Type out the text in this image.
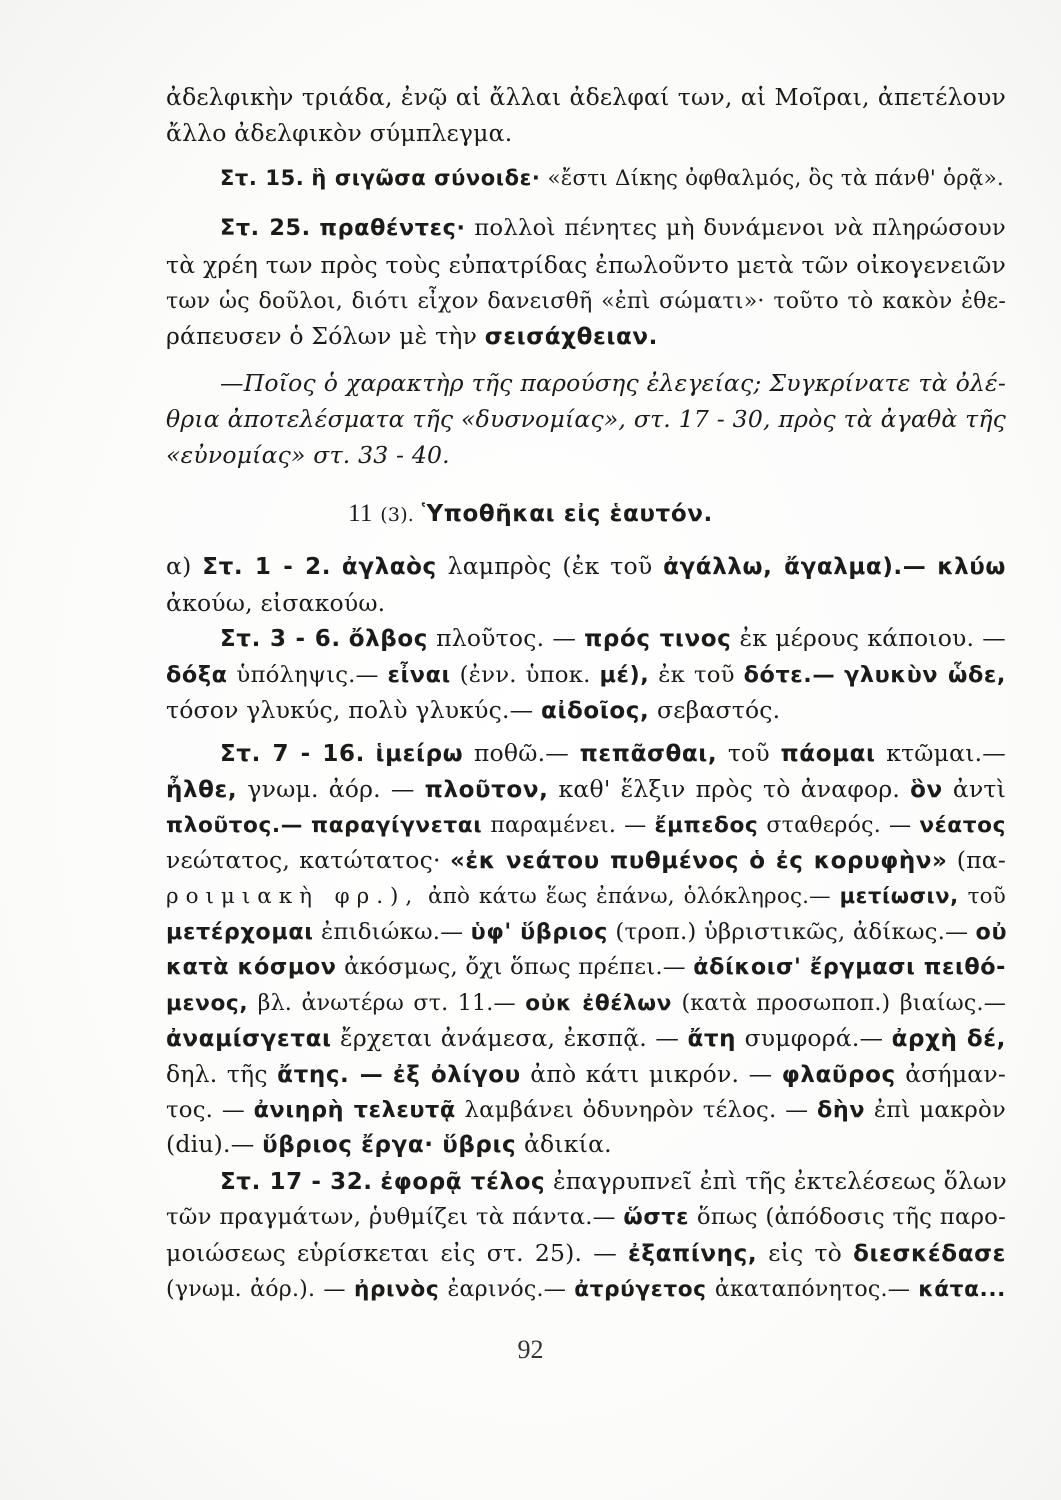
ἀδελφικὴν τριάδα, ἐνῷ αἱ ἄλλαι ἀδελφαί των, αἱ Μοῖραι, ἀπετέλουν
ἄλλο ἀδελφικὸν σύμπλεγμα.
Στ. 15. ἣ σιγῶσα σύνοιδε· «ἔστι Δίκης ὀφθαλμός, ὃς τὰ πάνθ' ὁρᾷ».
Στ. 25. πραθέντες· πολλοὶ πένητες μὴ δυνάμενοι νὰ πληρώσουν
τὰ χρέη των πρὸς τοὺς εὐπατρίδας ἐπωλοῦντο μετὰ τῶν οἰκογενειῶν
των ὡς δοῦλοι, διότι εἶχον δανεισθῆ «ἐπὶ σώματι»· τοῦτο τὸ κακὸν ἐθε-
ράπευσεν ὁ Σόλων μὲ τὴν σεισάχθειαν.
—Ποῖος ὁ χαρακτὴρ τῆς παρούσης ἐλεγείας; Συγκρίνατε τὰ ὀλέ-
θρια ἀποτελέσματα τῆς «δυσνομίας», στ. 17 - 30, πρὸς τὰ ἀγαθὰ τῆς
«εὐνομίας» στ. 33 - 40.
11 (3). Ὑποθῆκαι εἰς ἑαυτόν.
α) Στ. 1 - 2. ἀγλαὸς λαμπρὸς (ἐκ τοῦ ἀγάλλω, ἄγαλμα).— κλύω
ἀκούω, εἰσακούω.
Στ. 3 - 6. ὄλβος πλοῦτος. — πρός τινος ἐκ μέρους κάποιου. —
δόξα ὑπόληψις.— εἶναι (ἐνν. ὑποκ. μέ), ἐκ τοῦ δότε.— γλυκὺν ὧδε,
τόσον γλυκύς, πολὺ γλυκύς.— αἰδοῖος, σεβαστός.
Στ. 7 - 16. ἱμείρω ποθῶ.— πεπᾶσθαι, τοῦ πάομαι κτῶμαι.—
ἦλθε, γνωμ. ἀόρ. — πλοῦτον, καθ' ἕλξιν πρὸς τὸ ἀναφορ. ὃν ἀντὶ
πλοῦτος.— παραγίγνεται παραμένει. — ἔμπεδος σταθερός. — νέατος
νεώτατος, κατώτατος· «ἐκ νεάτου πυθμένος ὁ ἐς κορυφὴν» (πα-
ροιμιακὴ φρ.), ἀπὸ κάτω ἕως ἐπάνω, ὁλόκληρος.— μετίωσιν, τοῦ
μετέρχομαι ἐπιδιώκω.— ὑφ' ὕβριος (τροπ.) ὑβριστικῶς, ἀδίκως.— οὐ
κατὰ κόσμον ἀκόσμως, ὄχι ὅπως πρέπει.— ἀδίκοισ' ἔργμασι πειθό-
μενος, βλ. ἀνωτέρω στ. 11.— οὐκ ἐθέλων (κατὰ προσωποπ.) βιαίως.—
ἀναμίσγεται ἔρχεται ἀνάμεσα, ἐκσπᾷ. — ἄτη συμφορά.— ἀρχὴ δέ,
δηλ. τῆς ἄτης. — ἐξ ὀλίγου ἀπὸ κάτι μικρόν. — φλαῦρος ἀσήμαν-
τος. — ἀνιηρὴ τελευτᾷ λαμβάνει ὀδυνηρὸν τέλος. — δὴν ἐπὶ μακρὸν
(diu).— ὕβριος ἔργα· ὕβρις ἀδικία.
Στ. 17 - 32. ἐφορᾷ τέλος ἐπαγρυπνεῖ ἐπὶ τῆς ἐκτελέσεως ὅλων
τῶν πραγμάτων, ῥυθμίζει τὰ πάντα.— ὥστε ὅπως (ἀπόδοσις τῆς παρο-
μοιώσεως εὑρίσκεται εἰς στ. 25). — ἐξαπίνης, εἰς τὸ διεσκέδασε
(γνωμ. ἀόρ.). — ἠρινὸς ἐαρινός.— ἀτρύγετος ἀκαταπόνητος.— κάτα...
92
